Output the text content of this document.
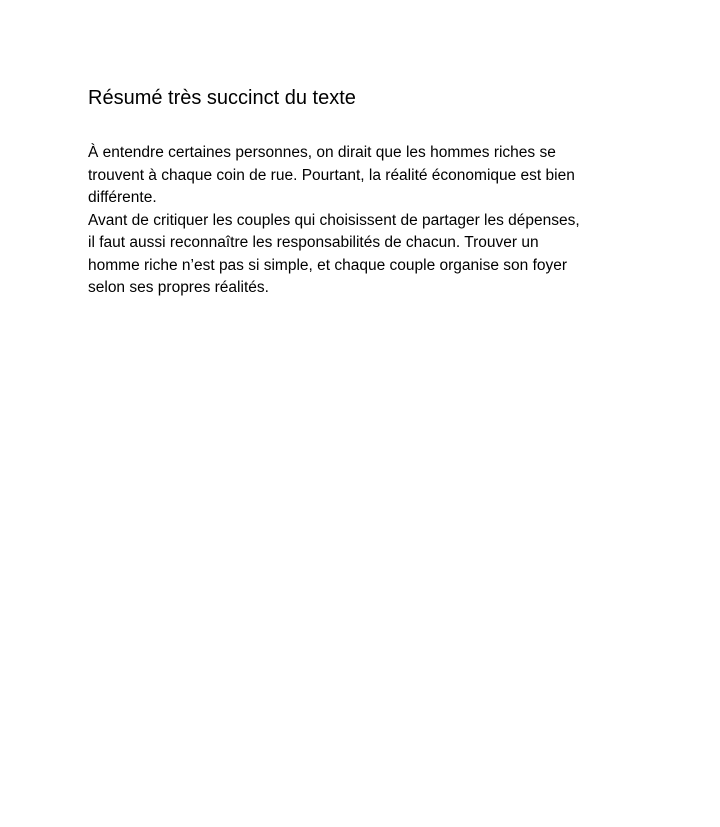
Résumé très succinct du texte

À entendre certaines personnes, on dirait que les hommes riches se
trouvent à chaque coin de rue. Pourtant, la réalité économique est bien
différente.

Avant de critiquer les couples qui choisissent de partager les dépenses,
il faut aussi reconnaître les responsabilités de chacun. Trouver un
homme riche n’est pas si simple, et chaque couple organise son foyer
selon ses propres réalités.
